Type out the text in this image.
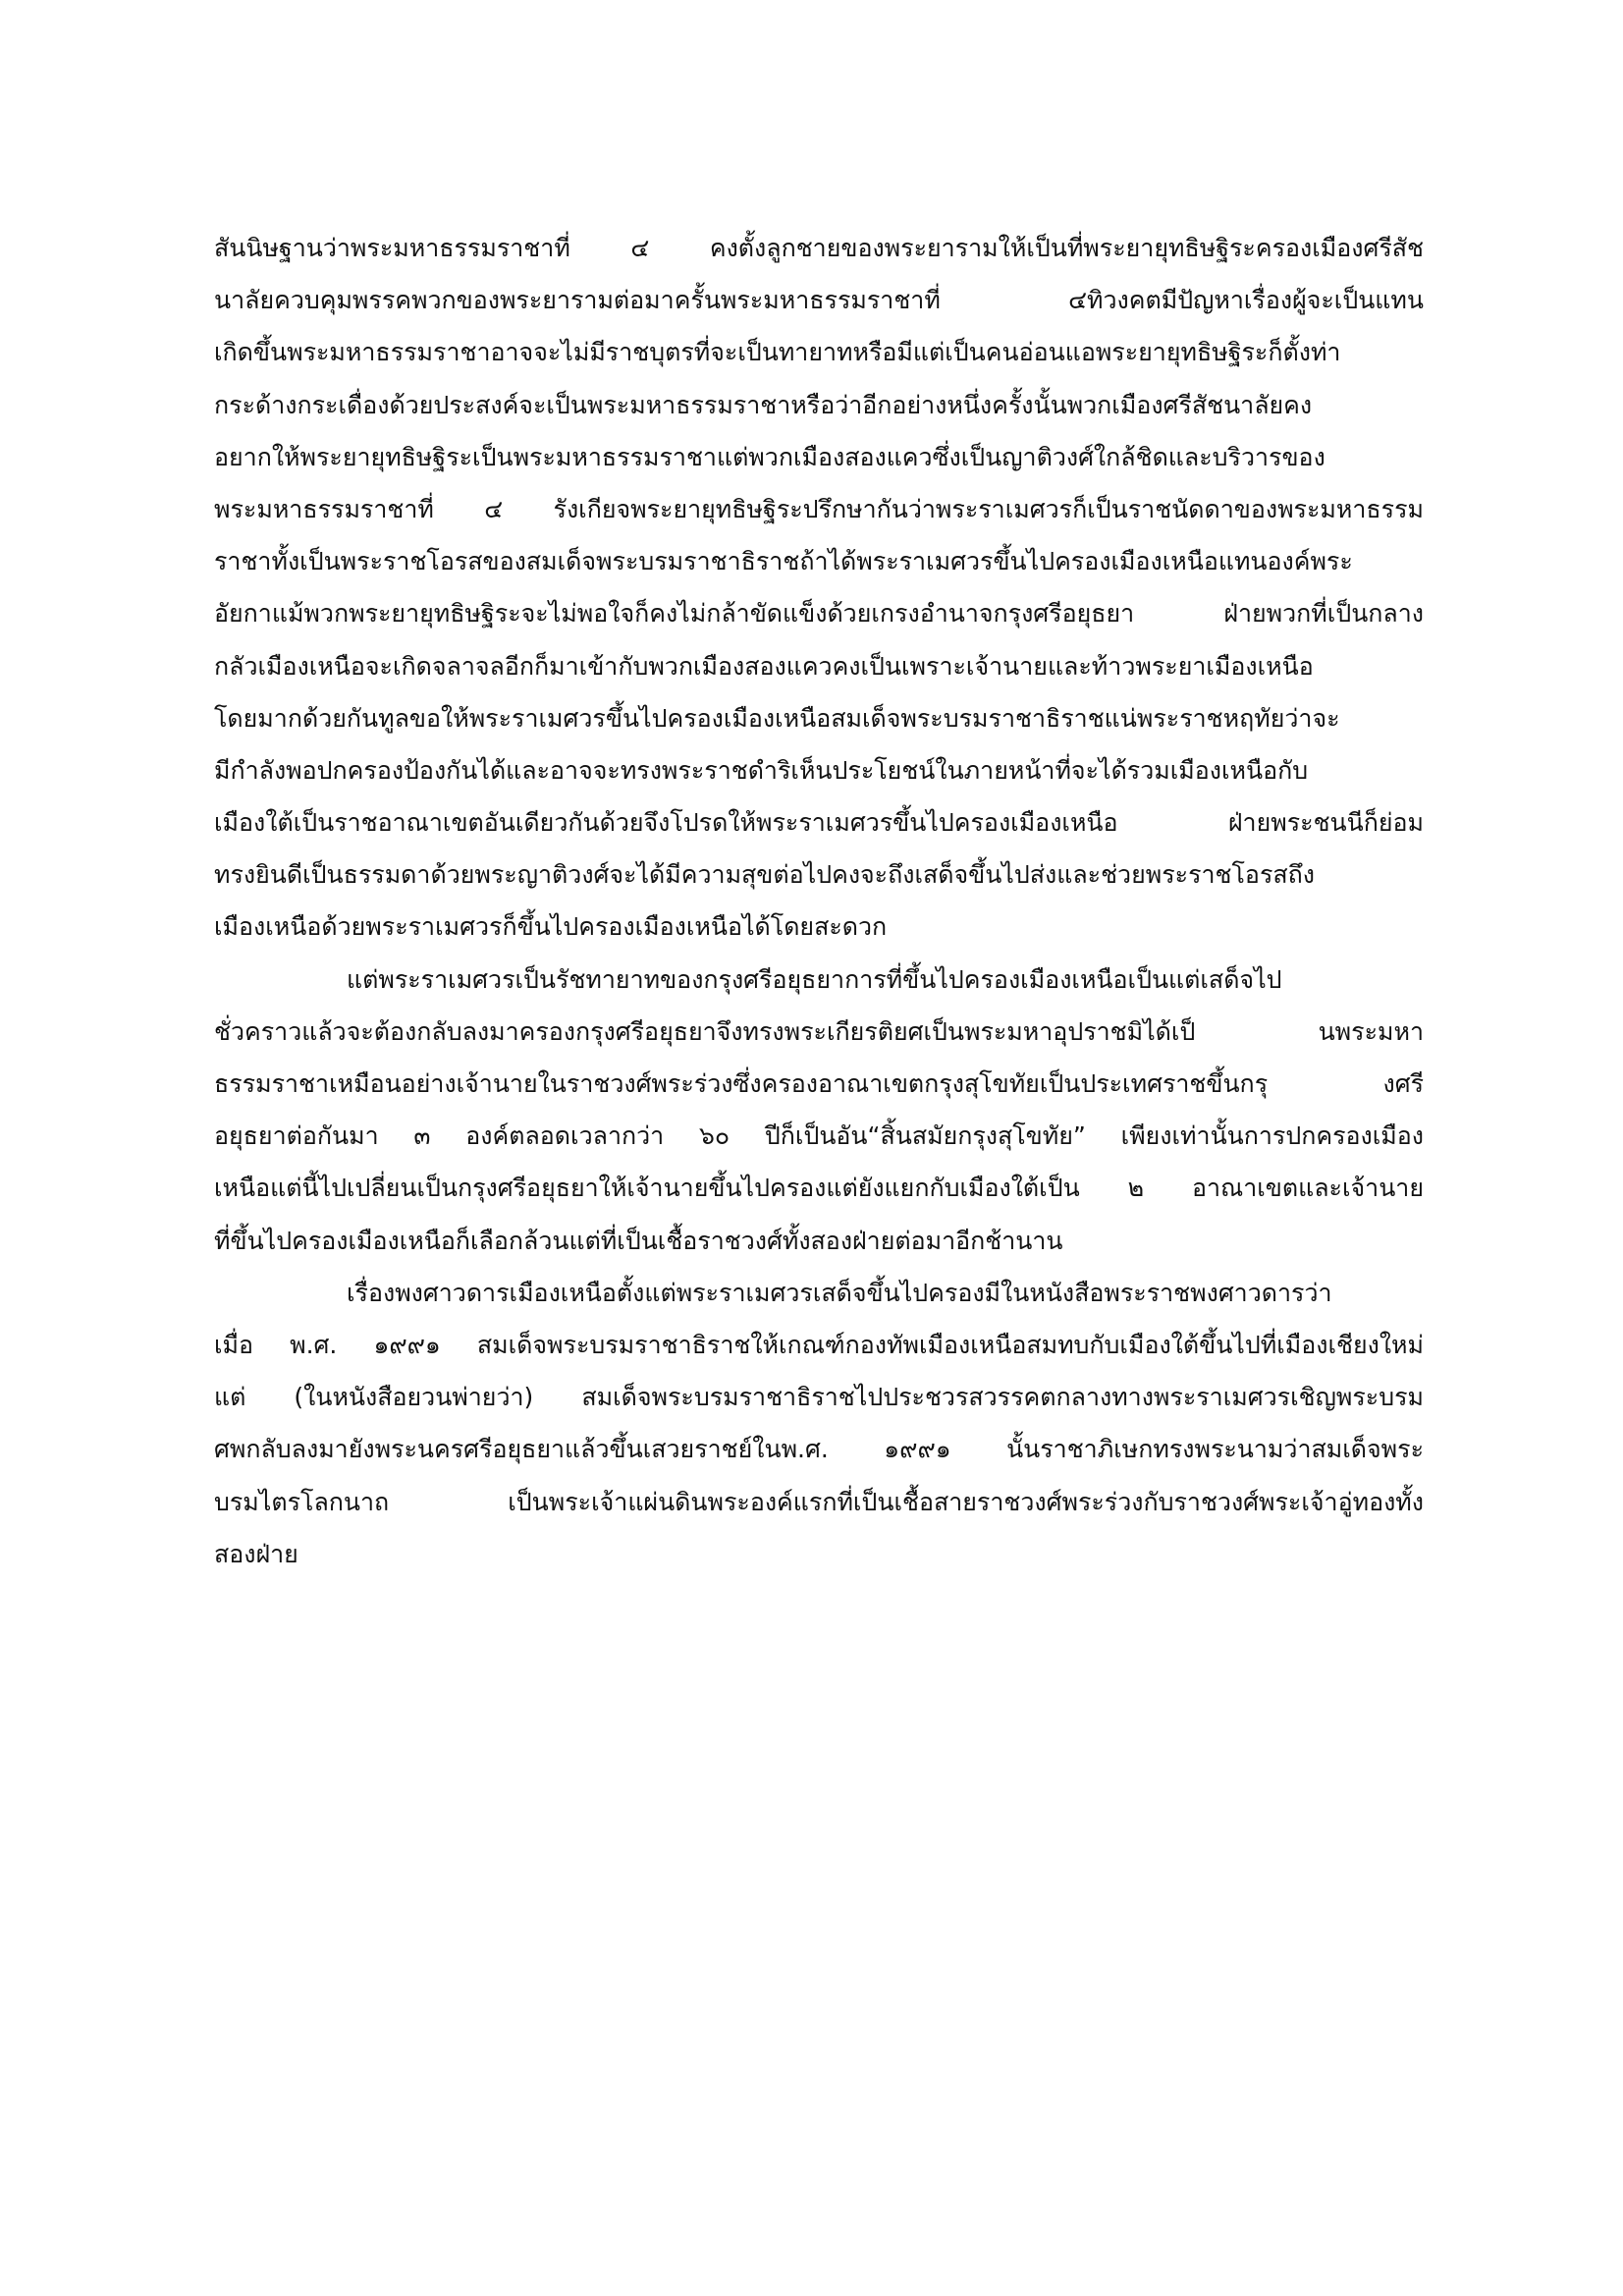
สันนิษฐานว่าพระมหาธรรมราชาที่ ๔ คงตั้งลูกชายของพระยารามให้เป็นที่พระยายุทธิษฐิระครองเมืองศรีสัช
นาลัยควบคุมพรรคพวกของพระยารามต่อมาครั้นพระมหาธรรมราชาที่ ๔ทิวงคตมีปัญหาเรื่องผู้จะเป็นแทน
เกิดขึ้นพระมหาธรรมราชาอาจจะไม่มีราชบุตรที่จะเป็นทายาทหรือมีแต่เป็นคนอ่อนแอพระยายุทธิษฐิระก็ตั้งท่า
กระด้างกระเดื่องด้วยประสงค์จะเป็นพระมหาธรรมราชาหรือว่าอีกอย่างหนึ่งครั้งนั้นพวกเมืองศรีสัชนาลัยคง
อยากให้พระยายุทธิษฐิระเป็นพระมหาธรรมราชาแต่พวกเมืองสองแควซึ่งเป็นญาติวงศ์ใกล้ชิดและบริวารของ
พระมหาธรรมราชาที่ ๔ รังเกียจพระยายุทธิษฐิระปรึกษากันว่าพระราเมศวรก็เป็นราชนัดดาของพระมหาธรรม
ราชาทั้งเป็นพระราชโอรสของสมเด็จพระบรมราชาธิราชถ้าได้พระราเมศวรขึ้นไปครองเมืองเหนือแทนองค์พระ
อัยกาแม้พวกพระยายุทธิษฐิระจะไม่พอใจก็คงไม่กล้าขัดแข็งด้วยเกรงอำนาจกรุงศรีอยุธยา ฝ่ายพวกที่เป็นกลาง
กลัวเมืองเหนือจะเกิดจลาจลอีกก็มาเข้ากับพวกเมืองสองแควคงเป็นเพราะเจ้านายและท้าวพระยาเมืองเหนือ
โดยมากด้วยกันทูลขอให้พระราเมศวรขึ้นไปครองเมืองเหนือสมเด็จพระบรมราชาธิราชแน่พระราชหฤทัยว่าจะ
มีกำลังพอปกครองป้องกันได้และอาจจะทรงพระราชดำริเห็นประโยชน์ในภายหน้าที่จะได้รวมเมืองเหนือกับ
เมืองใต้เป็นราชอาณาเขตอันเดียวกันด้วยจึงโปรดให้พระราเมศวรขึ้นไปครองเมืองเหนือ ฝ่ายพระชนนีก็ย่อม
ทรงยินดีเป็นธรรมดาด้วยพระญาติวงศ์จะได้มีความสุขต่อไปคงจะถึงเสด็จขึ้นไปส่งและช่วยพระราชโอรสถึง
เมืองเหนือด้วยพระราเมศวรก็ขึ้นไปครองเมืองเหนือได้โดยสะดวก
แต่พระราเมศวรเป็นรัชทายาทของกรุงศรีอยุธยาการที่ขึ้นไปครองเมืองเหนือเป็นแต่เสด็จไป
ชั่วคราวแล้วจะต้องกลับลงมาครองกรุงศรีอยุธยาจึงทรงพระเกียรติยศเป็นพระมหาอุปราชมิได้เป็ นพระมหา
ธรรมราชาเหมือนอย่างเจ้านายในราชวงศ์พระร่วงซึ่งครองอาณาเขตกรุงสุโขทัยเป็นประเทศราชขึ้นกรุ งศรี
อยุธยาต่อกันมา ๓ องค์ตลอดเวลากว่า ๖๐ ปีก็เป็นอัน“สิ้นสมัยกรุงสุโขทัย” เพียงเท่านั้นการปกครองเมือง
เหนือแต่นี้ไปเปลี่ยนเป็นกรุงศรีอยุธยาให้เจ้านายขึ้นไปครองแต่ยังแยกกับเมืองใต้เป็น ๒ อาณาเขตและเจ้านาย
ที่ขึ้นไปครองเมืองเหนือก็เลือกล้วนแต่ที่เป็นเชื้อราชวงศ์ทั้งสองฝ่ายต่อมาอีกช้านาน
เรื่องพงศาวดารเมืองเหนือตั้งแต่พระราเมศวรเสด็จขึ้นไปครองมีในหนังสือพระราชพงศาวดารว่า
เมื่อ พ.ศ. ๑๙๙๑ สมเด็จพระบรมราชาธิราชให้เกณฑ์กองทัพเมืองเหนือสมทบกับเมืองใต้ขึ้นไปที่เมืองเชียงใหม่
แต่ (ในหนังสือยวนพ่ายว่า) สมเด็จพระบรมราชาธิราชไปประชวรสวรรคตกลางทางพระราเมศวรเชิญพระบรม
ศพกลับลงมายังพระนครศรีอยุธยาแล้วขึ้นเสวยราชย์ในพ.ศ. ๑๙๙๑ นั้นราชาภิเษกทรงพระนามว่าสมเด็จพระ
บรมไตรโลกนาถ เป็นพระเจ้าแผ่นดินพระองค์แรกที่เป็นเชื้อสายราชวงศ์พระร่วงกับราชวงศ์พระเจ้าอู่ทองทั้ง
สองฝ่าย
